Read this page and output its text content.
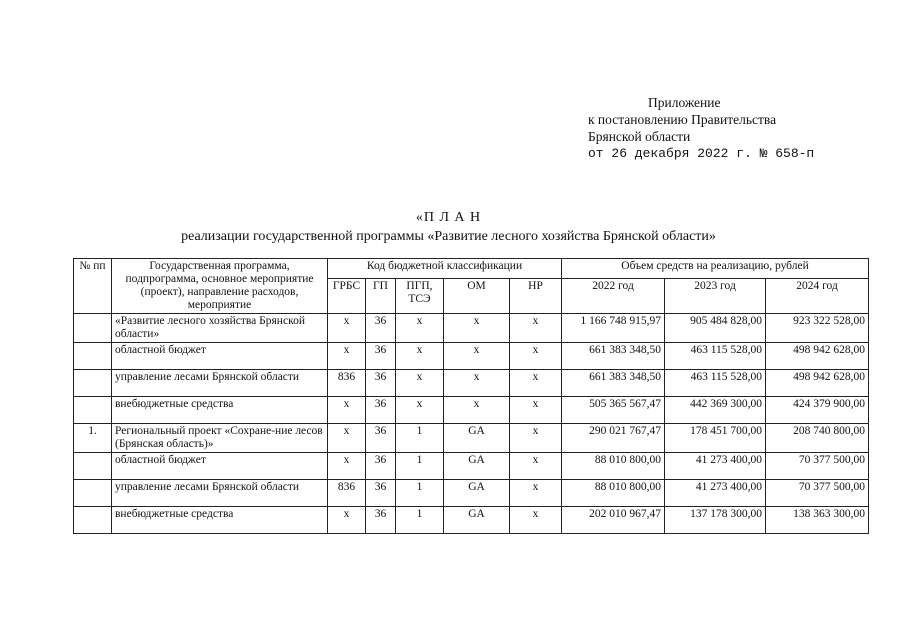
Приложение
к постановлению Правительства
Брянской области
от 26 декабря 2022 г. № 658-п
«П Л А Н
реализации государственной программы «Развитие лесного хозяйства Брянской области»
№ пп	Государственная программа, подпрограмма, основное мероприятие (проект), направление расходов, мероприятие	Код бюджетной классификации					Объем средств на реализацию, рублей		
		ГРБС	ГП	ПГП, ТСЭ	ОМ	НР	2022 год	2023 год	2024 год
	«Развитие лесного хозяйства Брянской области»	х	36	х	х	х	1 166 748 915,97	905 484 828,00	923 322 528,00
	областной бюджет	х	36	х	х	х	661 383 348,50	463 115 528,00	498 942 628,00
	управление лесами Брянской области	836	36	х	х	х	661 383 348,50	463 115 528,00	498 942 628,00
	внебюджетные средства	х	36	х	х	х	505 365 567,47	442 369 300,00	424 379 900,00
1.	Региональный проект «Сохране-ние лесов (Брянская область)»	х	36	1	GA	х	290 021 767,47	178 451 700,00	208 740 800,00
	областной бюджет	х	36	1	GA	х	88 010 800,00	41 273 400,00	70 377 500,00
	управление лесами Брянской области	836	36	1	GA	х	88 010 800,00	41 273 400,00	70 377 500,00
	внебюджетные средства	х	36	1	GA	х	202 010 967,47	137 178 300,00	138 363 300,00
